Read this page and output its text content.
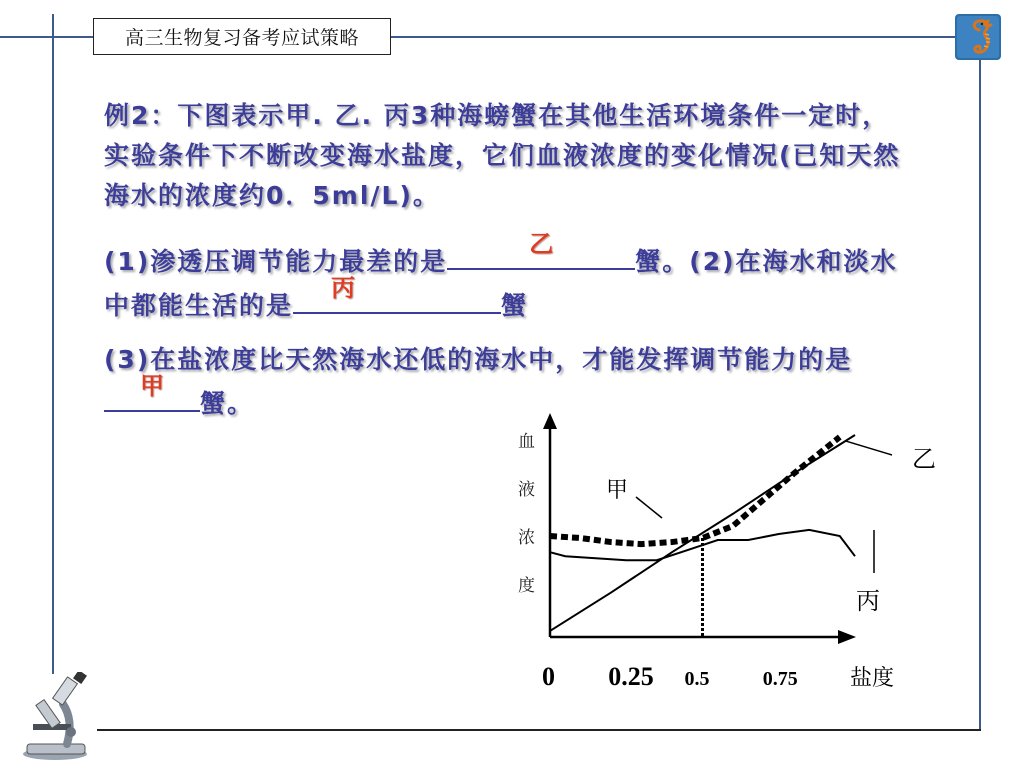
高三生物复习备考应试策略
例2：下图表示甲. 乙. 丙3种海螃蟹在其他生活环境条件一定时，实验条件下不断改变海水盐度，它们血液浓度的变化情况(已知天然海水的浓度约0．5ml/L)。
(1)渗透压调节能力最差的是
乙
蟹。(2)在海水和淡水中都能生活的是
丙
蟹
(3)在盐浓度比天然海水还低的海水中，才能发挥调节能力的是
甲
蟹。
血
液
浓
度
0 0.25 0.5	0.75 盐度
乙
甲
丙
